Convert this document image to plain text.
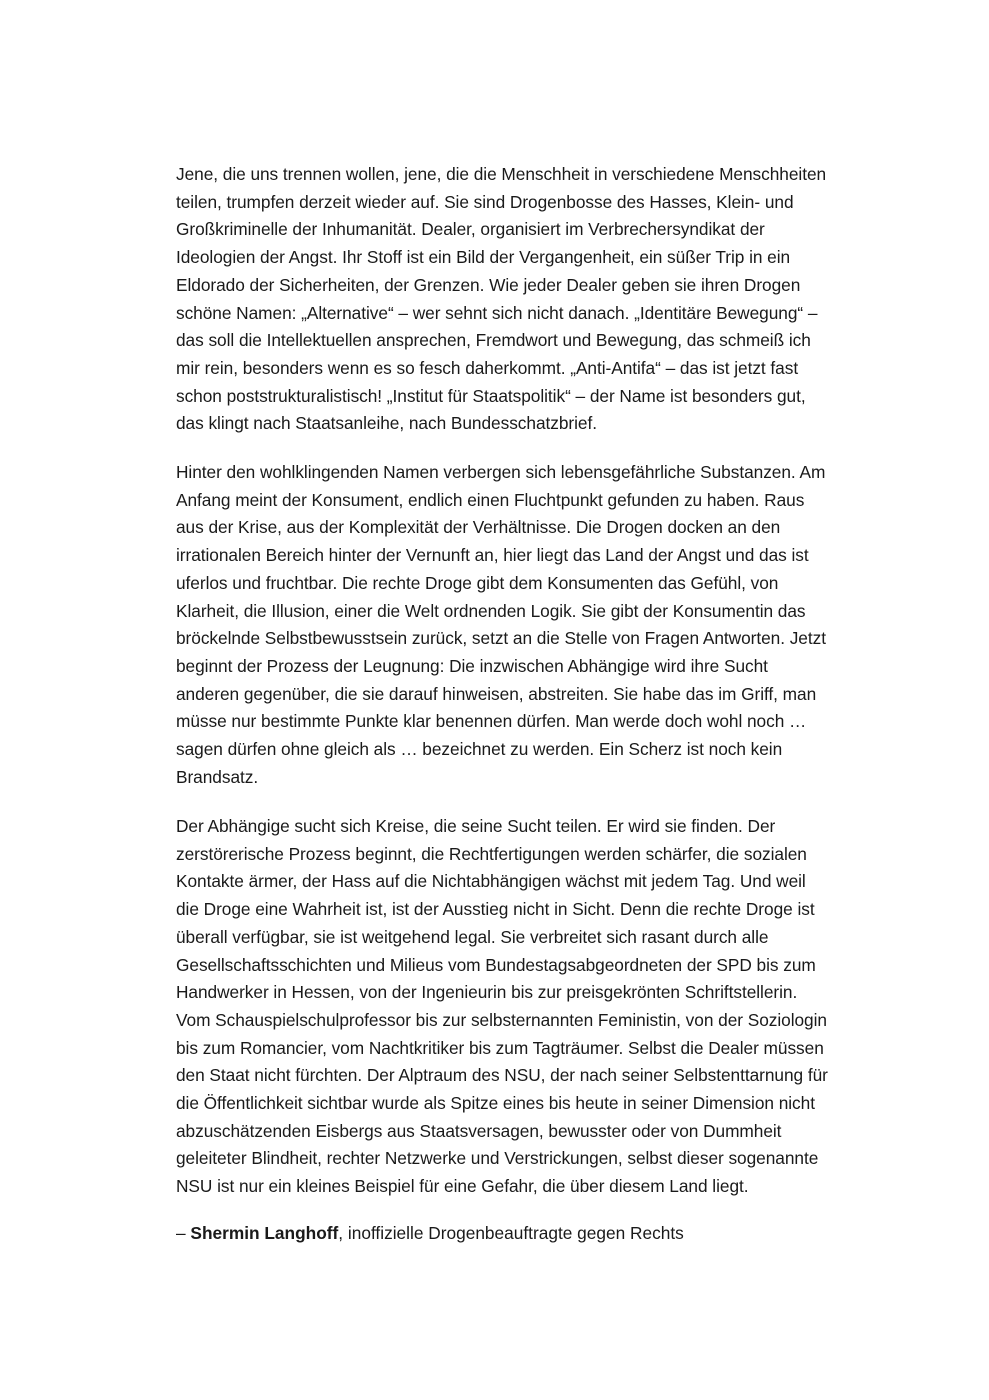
Jene, die uns trennen wollen, jene, die die Menschheit in verschiedene Menschheiten
teilen, trumpfen derzeit wieder auf. Sie sind Drogenbosse des Hasses, Klein- und
Großkriminelle der Inhumanität. Dealer, organisiert im Verbrechersyndikat der
Ideologien der Angst. Ihr Stoff ist ein Bild der Vergangenheit, ein süßer Trip in ein
Eldorado der Sicherheiten, der Grenzen. Wie jeder Dealer geben sie ihren Drogen
schöne Namen: „Alternative“ – wer sehnt sich nicht danach. „Identitäre Bewegung“ –
das soll die Intellektuellen ansprechen, Fremdwort und Bewegung, das schmeiß ich
mir rein, besonders wenn es so fesch daherkommt. „Anti-Antifa“ – das ist jetzt fast
schon poststrukturalistisch! „Institut für Staatspolitik“ – der Name ist besonders gut,
das klingt nach Staatsanleihe, nach Bundesschatzbrief.
Hinter den wohlklingenden Namen verbergen sich lebensgefährliche Substanzen. Am
Anfang meint der Konsument, endlich einen Fluchtpunkt gefunden zu haben. Raus
aus der Krise, aus der Komplexität der Verhältnisse. Die Drogen docken an den
irrationalen Bereich hinter der Vernunft an, hier liegt das Land der Angst und das ist
uferlos und fruchtbar. Die rechte Droge gibt dem Konsumenten das Gefühl, von
Klarheit, die Illusion, einer die Welt ordnenden Logik. Sie gibt der Konsumentin das
bröckelnde Selbstbewusstsein zurück, setzt an die Stelle von Fragen Antworten. Jetzt
beginnt der Prozess der Leugnung: Die inzwischen Abhängige wird ihre Sucht
anderen gegenüber, die sie darauf hinweisen, abstreiten. Sie habe das im Griff, man
müsse nur bestimmte Punkte klar benennen dürfen. Man werde doch wohl noch …
sagen dürfen ohne gleich als … bezeichnet zu werden. Ein Scherz ist noch kein
Brandsatz.
Der Abhängige sucht sich Kreise, die seine Sucht teilen. Er wird sie finden. Der
zerstörerische Prozess beginnt, die Rechtfertigungen werden schärfer, die sozialen
Kontakte ärmer, der Hass auf die Nichtabhängigen wächst mit jedem Tag. Und weil
die Droge eine Wahrheit ist, ist der Ausstieg nicht in Sicht. Denn die rechte Droge ist
überall verfügbar, sie ist weitgehend legal. Sie verbreitet sich rasant durch alle
Gesellschaftsschichten und Milieus vom Bundestagsabgeordneten der SPD bis zum
Handwerker in Hessen, von der Ingenieurin bis zur preisgekrönten Schriftstellerin.
Vom Schauspielschulprofessor bis zur selbsternannten Feministin, von der Soziologin
bis zum Romancier, vom Nachtkritiker bis zum Tagträumer. Selbst die Dealer müssen
den Staat nicht fürchten. Der Alptraum des NSU, der nach seiner Selbstenttarnung für
die Öffentlichkeit sichtbar wurde als Spitze eines bis heute in seiner Dimension nicht
abzuschätzenden Eisbergs aus Staatsversagen, bewusster oder von Dummheit
geleiteter Blindheit, rechter Netzwerke und Verstrickungen, selbst dieser sogenannte
NSU ist nur ein kleines Beispiel für eine Gefahr, die über diesem Land liegt.
– Shermin Langhoff, inoffizielle Drogenbeauftragte gegen Rechts
